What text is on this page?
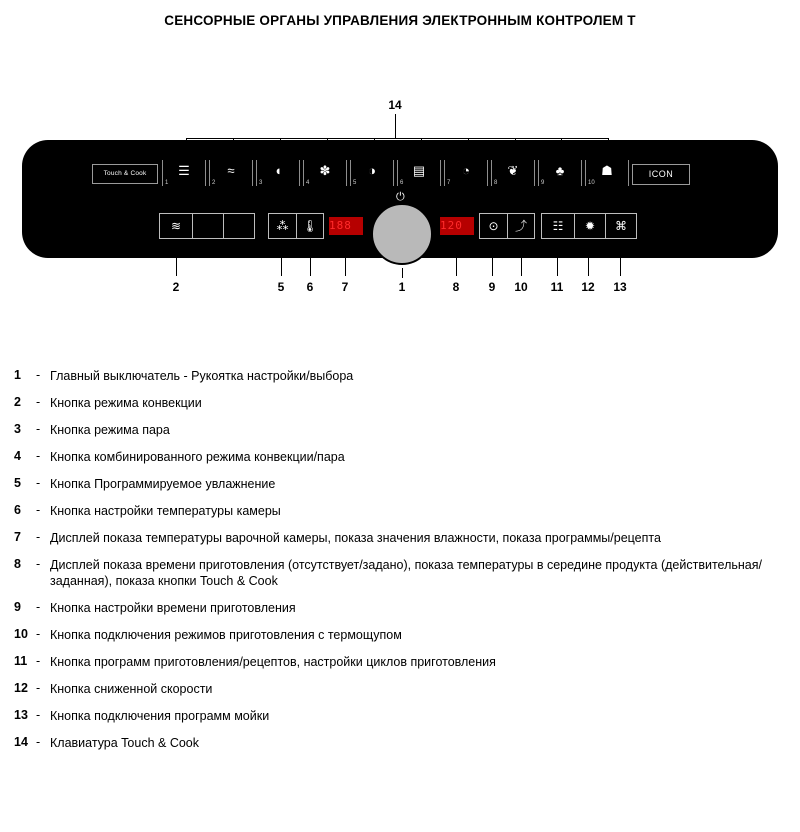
СЕНСОРНЫЕ ОРГАНЫ УПРАВЛЕНИЯ ЭЛЕКТРОННЫМ КОНТРОЛЕМ Т
14
Touch & Cook	☰
1
≈
2
◖
3
✽
4
◑
5
▤
6
◔
7
❦
8
♣
9
☗
10
ICON
≋	⁂	🌡	188
⏻
120	⊙	⤴	☷	✹	⌘
2	5	6	7	1	8	9	10	11	12 13
1	- Главный выключатель - Рукоятка настройки/выбора
2	- Кнопка режима конвекции
3	- Кнопка режима пара
4	- Кнопка комбинированного режима конвекции/пара
5	- Кнопка Программируемое увлажнение
6	- Кнопка настройки температуры камеры
7	- Дисплей показа температуры варочной камеры, показа значения влажности, показа программы/рецепта
8	- Дисплей показа времени приготовления (отсутствует/задано), показа температуры в середине продукта (действительная/заданная), показа кнопки Touch & Cook
9	- Кнопка настройки времени приготовления
10 - Кнопка подключения режимов приготовления с термощупом
11 - Кнопка программ приготовления/рецептов, настройки циклов приготовления
12 - Кнопка сниженной скорости
13 - Кнопка подключения программ мойки
14 - Клавиатура Touch & Cook
